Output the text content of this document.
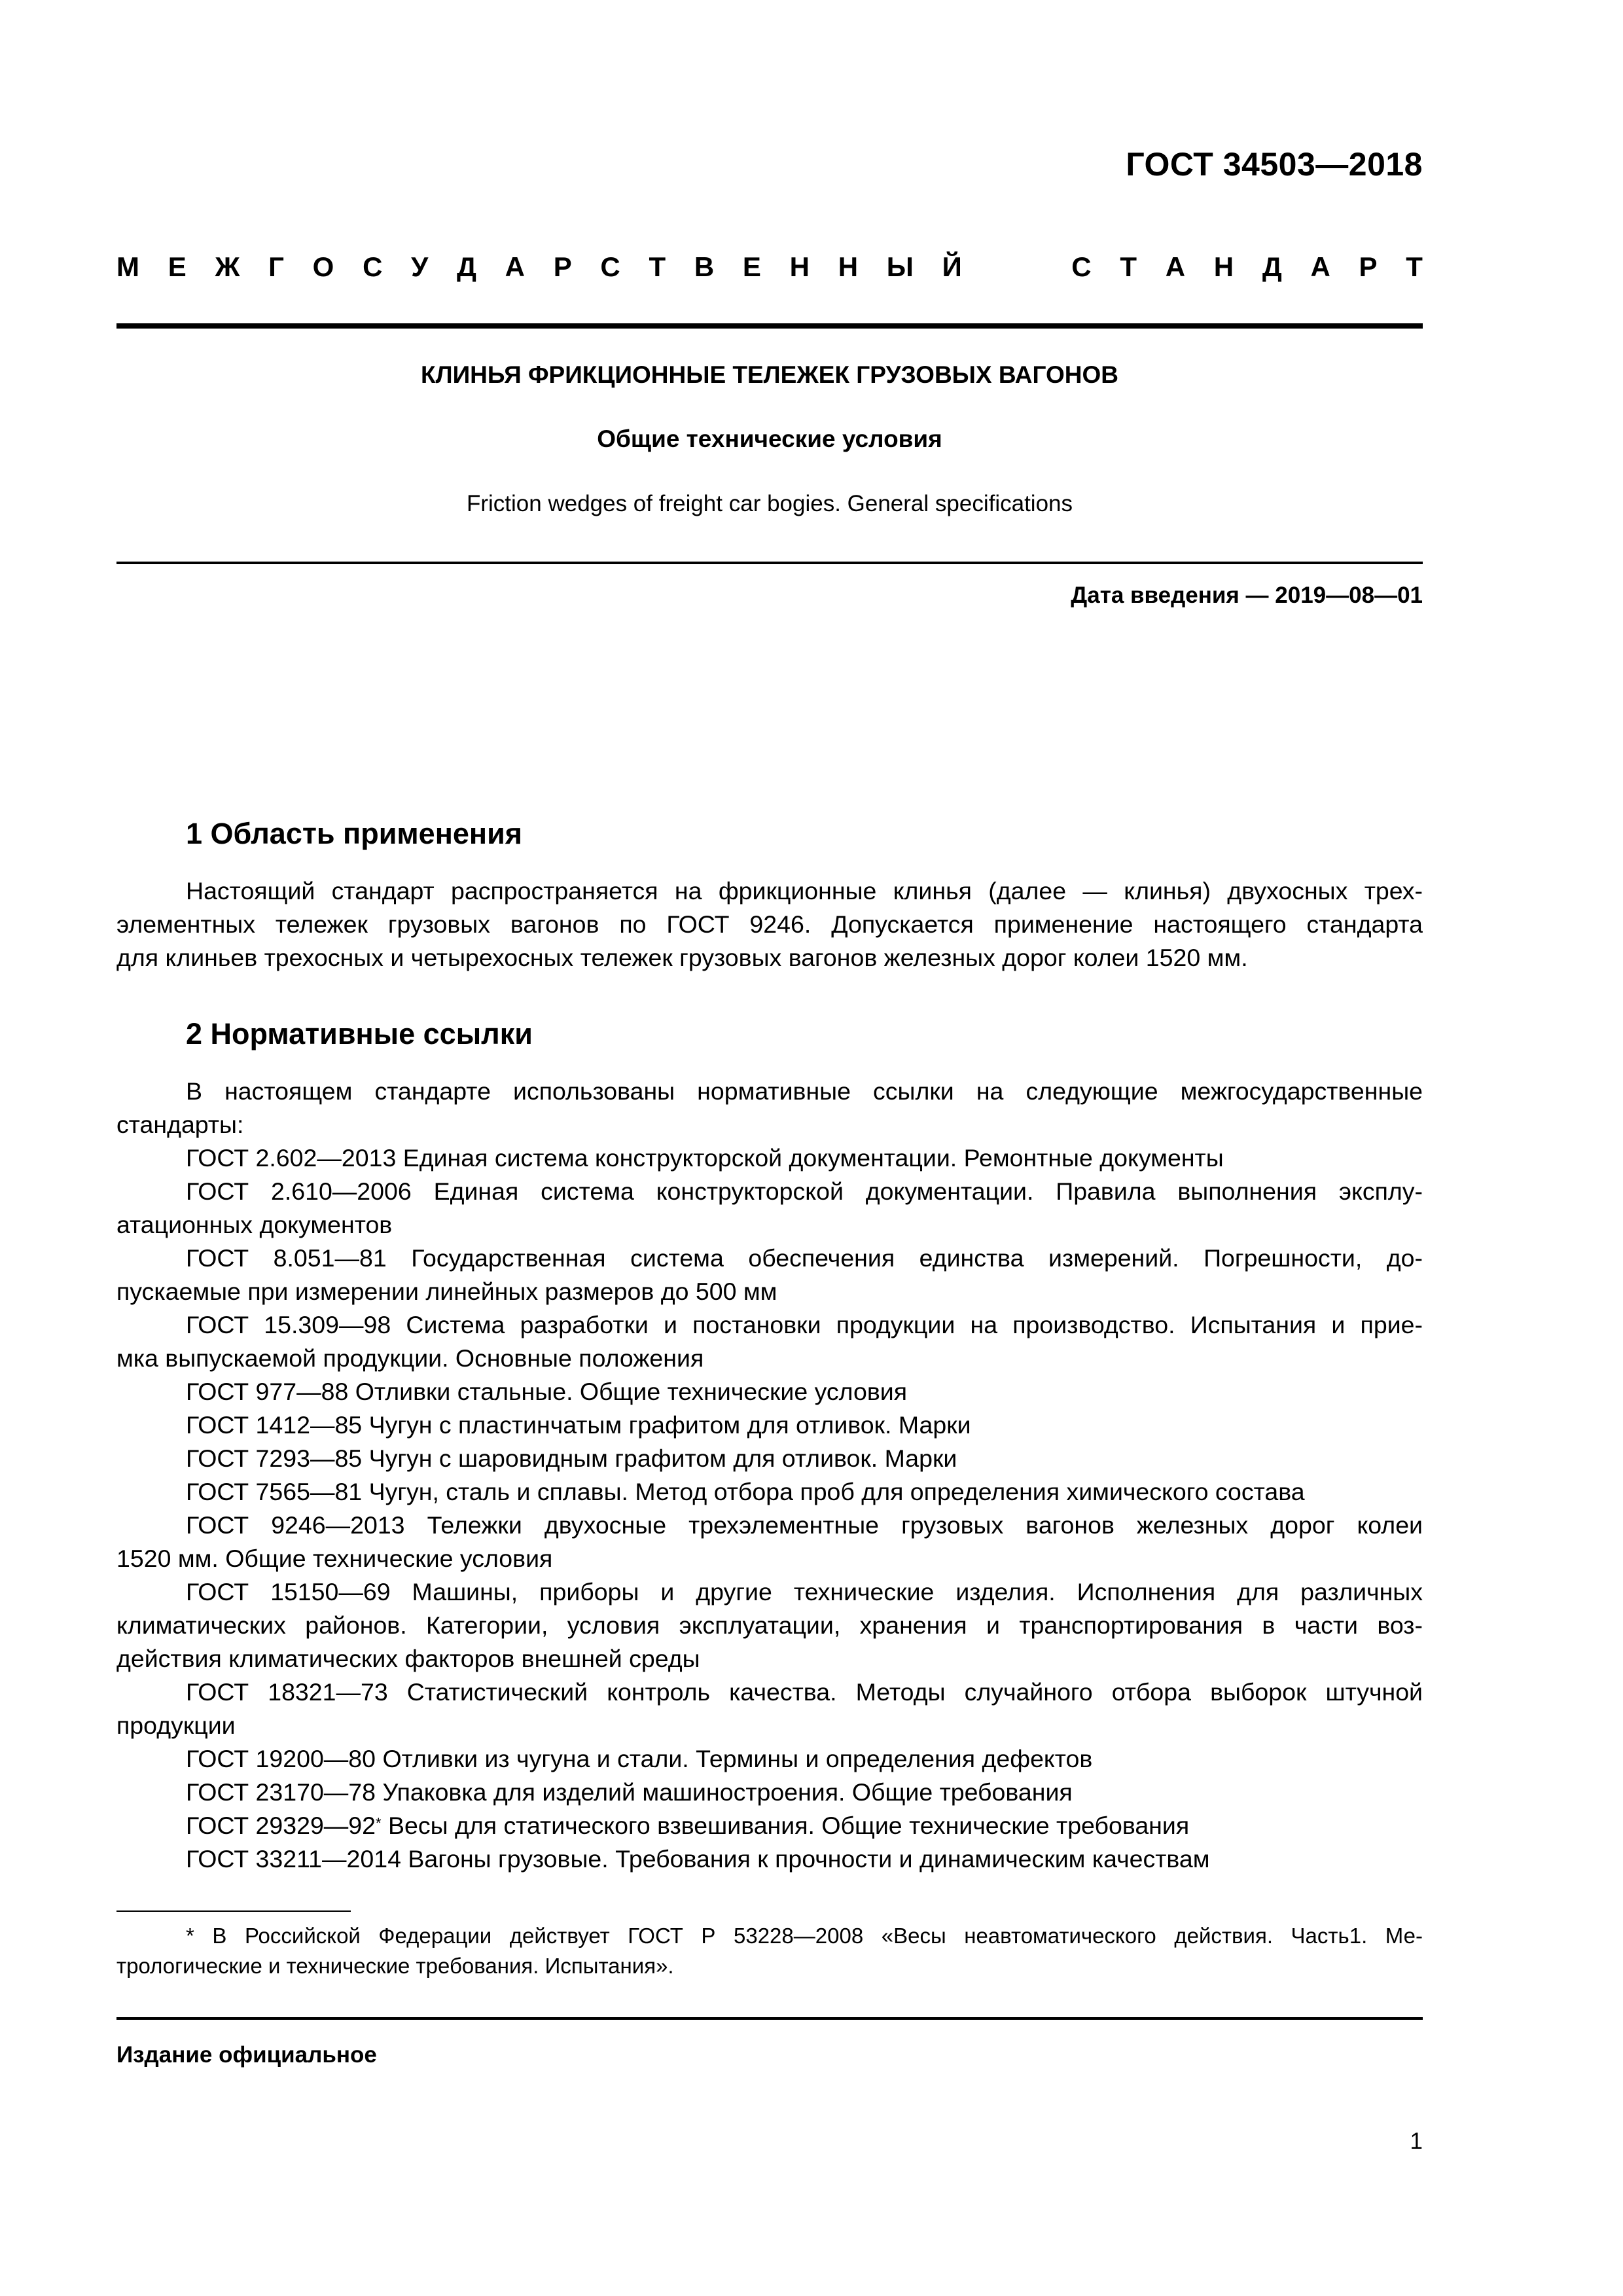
ГОСТ 34503—2018
М Е Ж Г О С У Д А Р С Т В Е Н Н Ы Й	С Т А Н Д А Р Т
КЛИНЬЯ ФРИКЦИОННЫЕ ТЕЛЕЖЕК ГРУЗОВЫХ ВАГОНОВ
Общие технические условия
Friction wedges of freight car bogies. General specifications
Дата введения — 2019—08—01
1 Область применения
Настоящий стандарт распространяется на фрикционные клинья (далее — клинья) двухосных трех-
элементных тележек грузовых вагонов по ГОСТ 9246. Допускается применение настоящего стандарта
для клиньев трехосных и четырехосных тележек грузовых вагонов железных дорог колеи 1520 мм.
2 Нормативные ссылки
В настоящем стандарте использованы нормативные ссылки на следующие межгосударственные
стандарты:
ГОСТ 2.602—2013 Единая система конструкторской документации. Ремонтные документы
ГОСТ 2.610—2006 Единая система конструкторской документации. Правила выполнения эксплу-
атационных документов
ГОСТ 8.051—81 Государственная система обеспечения единства измерений. Погрешности, до-
пускаемые при измерении линейных размеров до 500 мм
ГОСТ 15.309—98 Система разработки и постановки продукции на производство. Испытания и прие-
мка выпускаемой продукции. Основные положения
ГОСТ 977—88 Отливки стальные. Общие технические условия
ГОСТ 1412—85 Чугун с пластинчатым графитом для отливок. Марки
ГОСТ 7293—85 Чугун с шаровидным графитом для отливок. Марки
ГОСТ 7565—81 Чугун, сталь и сплавы. Метод отбора проб для определения химического состава
ГОСТ 9246—2013 Тележки двухосные трехэлементные грузовых вагонов железных дорог колеи
1520 мм. Общие технические условия
ГОСТ 15150—69 Машины, приборы и другие технические изделия. Исполнения для различных
климатических районов. Категории, условия эксплуатации, хранения и транспортирования в части воз-
действия климатических факторов внешней среды
ГОСТ 18321—73 Статистический контроль качества. Методы случайного отбора выборок штучной
продукции
ГОСТ 19200—80 Отливки из чугуна и стали. Термины и определения дефектов
ГОСТ 23170—78 Упаковка для изделий машиностроения. Общие требования
ГОСТ 29329—92* Весы для статического взвешивания. Общие технические требования
ГОСТ 33211—2014 Вагоны грузовые. Требования к прочности и динамическим качествам
* В Российской Федерации действует ГОСТ Р 53228—2008 «Весы неавтоматического действия. Часть1. Ме-
трологические и технические требования. Испытания».
Издание официальное
1
